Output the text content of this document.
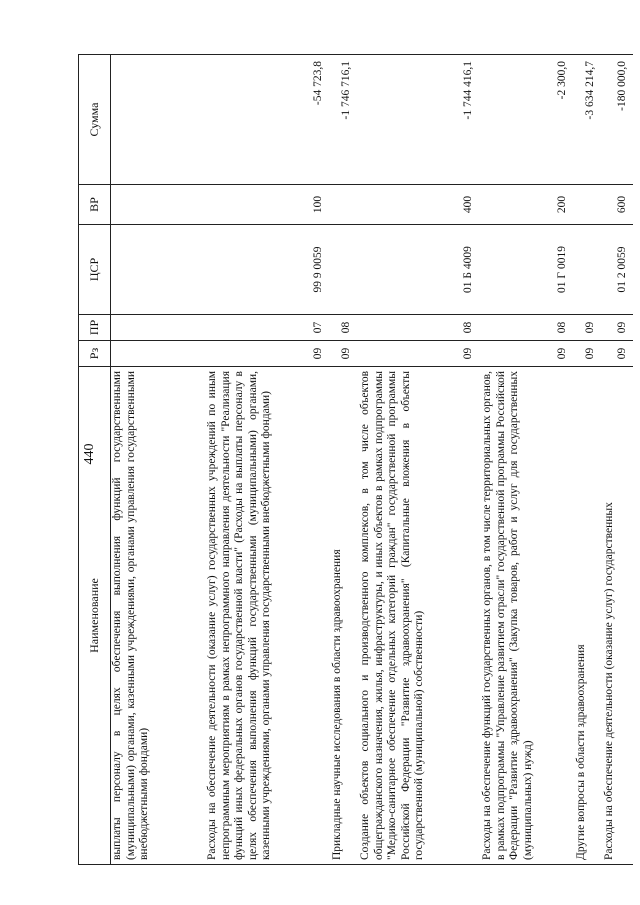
440
Наименование	Рз	ПР	ЦСР	ВР	Сумма
выплаты персоналу в целях обеспечения выполнения функций государственными (муниципальными) органами, казенными учреждениями, органами управления государственными внебюджетными фондами)					
Расходы на обеспечение деятельности (оказание услуг) государственных учреждений по иным непрограммным мероприятиям в рамках непрограммного направления деятельности "Реализация функций иных федеральных органов государственной власти" (Расходы на выплаты персоналу в целях обеспечения выполнения функций государственными (муниципальными) органами, казенными учреждениями, органами управления государственными внебюджетными фондами)	09	07	99 9 0059	100	-54 723,8
Прикладные научные исследования в области здравоохранения	09	08			-1 746 716,1
Создание объектов социального и производственного комплексов, в том числе объектов общегражданского назначения, жилья, инфраструктуры, и иных объектов в рамках подпрограммы "Медико-санитарное обеспечение отдельных категорий граждан" государственной программы Российской Федерации "Развитие здравоохранения" (Капитальные вложения в объекты государственной (муниципальной) собственности)	09	08	01 Б 4009	400	-1 744 416,1
Расходы на обеспечение функций государственных органов, в том числе территориальных органов, в рамках подпрограммы "Управление развитием отрасли" государственной программы Российской Федерации "Развитие здравоохранения" (Закупка товаров, работ и услуг для государственных (муниципальных) нужд)	09	08	01 Г 0019	200	-2 300,0
Другие вопросы в области здравоохранения	09	09			-3 634 214,7
Расходы на обеспечение деятельности (оказание услуг) государственных	09	09	01 2 0059	600	-180 000,0
